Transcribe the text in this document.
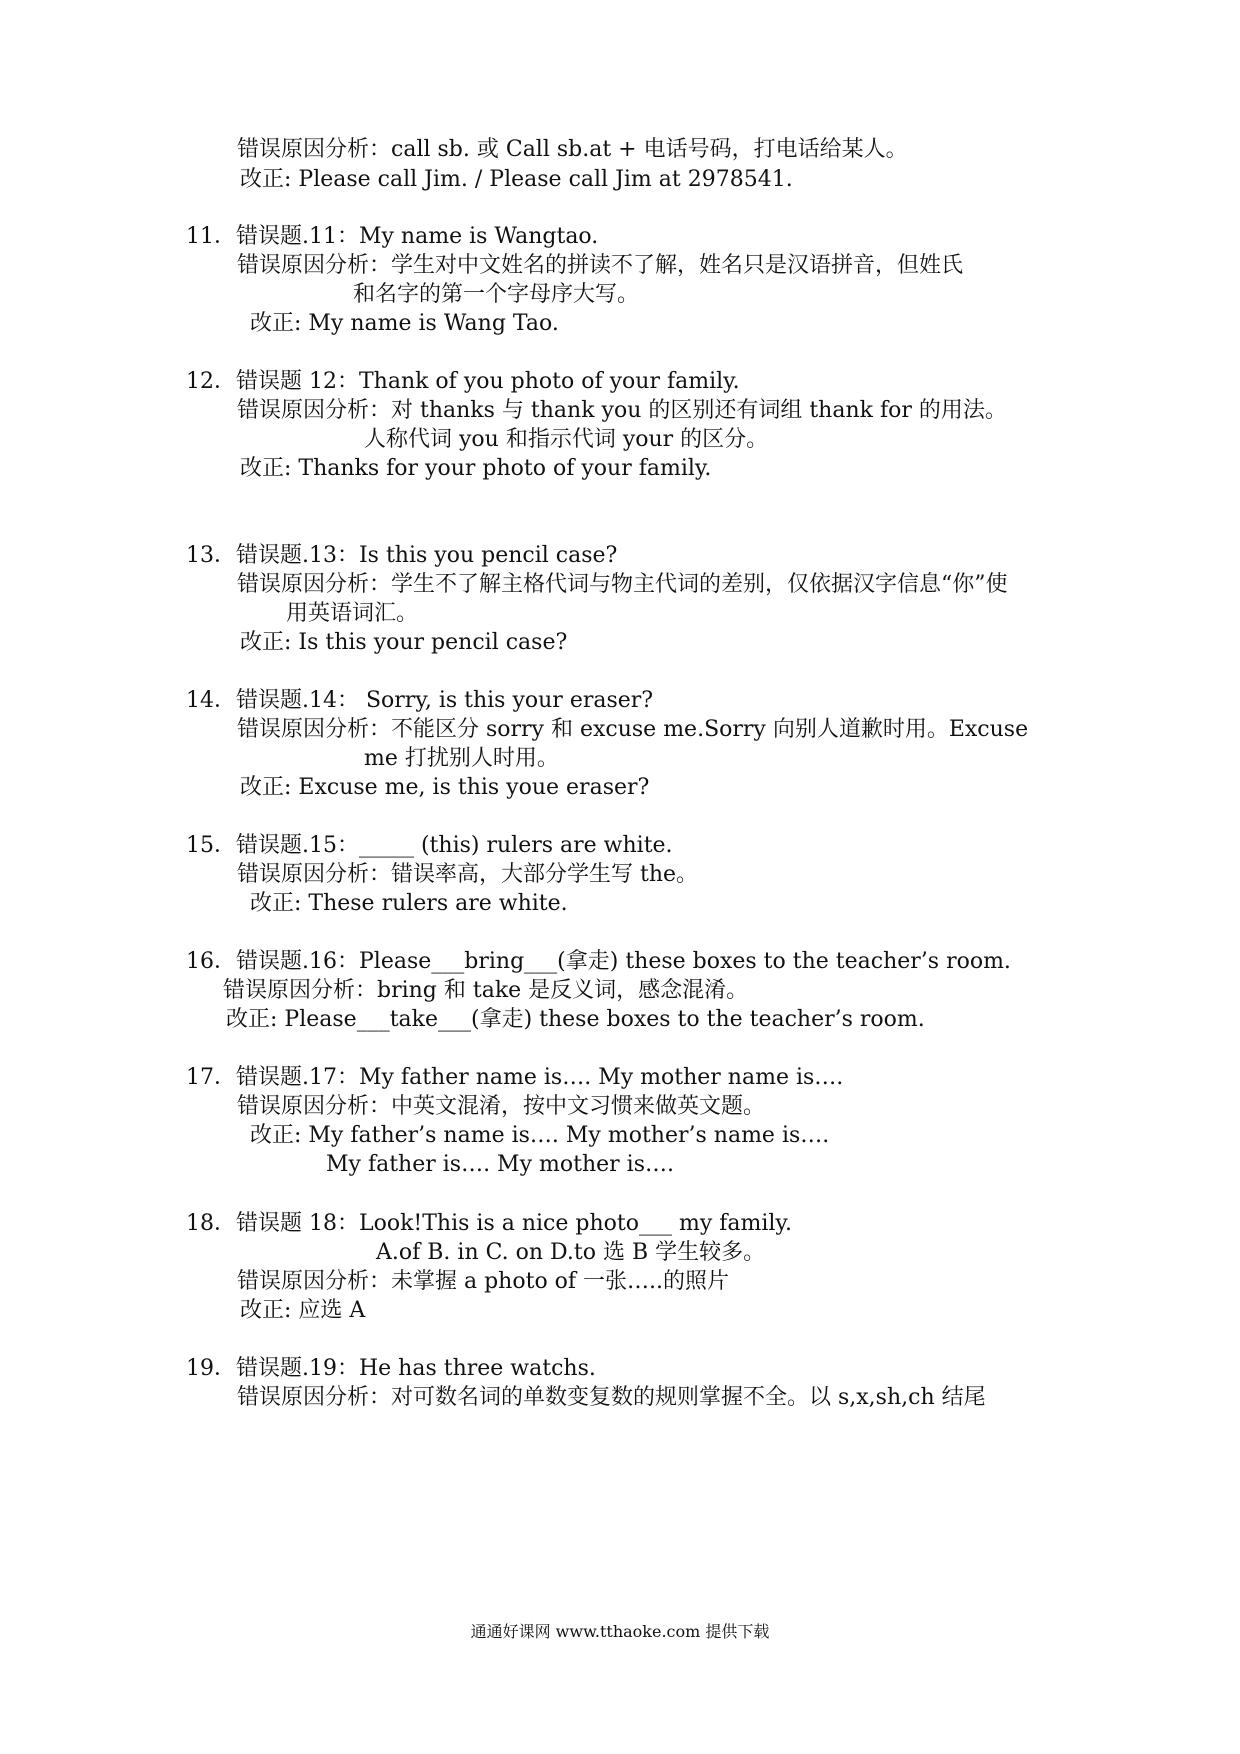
错误原因分析：call sb. 或 Call sb.at + 电话号码，打电话给某人。
改正: Please call Jim. / Please call Jim at 2978541.
11．错误题.11：My name is Wangtao.
错误原因分析：学生对中文姓名的拼读不了解，姓名只是汉语拼音，但姓氏
和名字的第一个字母序大写。
改正: My name is Wang Tao.
12．错误题 12：Thank of you photo of your family.
错误原因分析：对 thanks 与 thank you 的区别还有词组 thank for 的用法。
人称代词 you 和指示代词 your 的区分。
改正: Thanks for your photo of your family.
13．错误题.13：Is this you pencil case?
错误原因分析：学生不了解主格代词与物主代词的差别，仅依据汉字信息“你”使
用英语词汇。
改正: Is this your pencil case?
14．错误题.14： Sorry, is this your eraser?
错误原因分析：不能区分 sorry 和 excuse me.Sorry 向别人道歉时用。Excuse
me 打扰别人时用。
改正: Excuse me, is this youe eraser?
15．错误题.15：_____ (this) rulers are white.
错误原因分析：错误率高，大部分学生写 the。
改正: These rulers are white.
16．错误题.16：Please___bring___(拿走) these boxes to the teacher’s room.
错误原因分析：bring 和 take 是反义词，感念混淆。
改正: Please___take___(拿走) these boxes to the teacher’s room.
17．错误题.17：My father name is…. My mother name is….
错误原因分析：中英文混淆，按中文习惯来做英文题。
改正: My father’s name is…. My mother’s name is….
My father is…. My mother is….
18．错误题 18：Look!This is a nice photo___ my family.
A.of B. in C. on D.to 选 B 学生较多。
错误原因分析：未掌握 a photo of 一张…..的照片
改正: 应选 A
19．错误题.19：He has three watchs.
错误原因分析：对可数名词的单数变复数的规则掌握不全。以 s,x,sh,ch 结尾
通通好课网 www.tthaoke.com 提供下载
